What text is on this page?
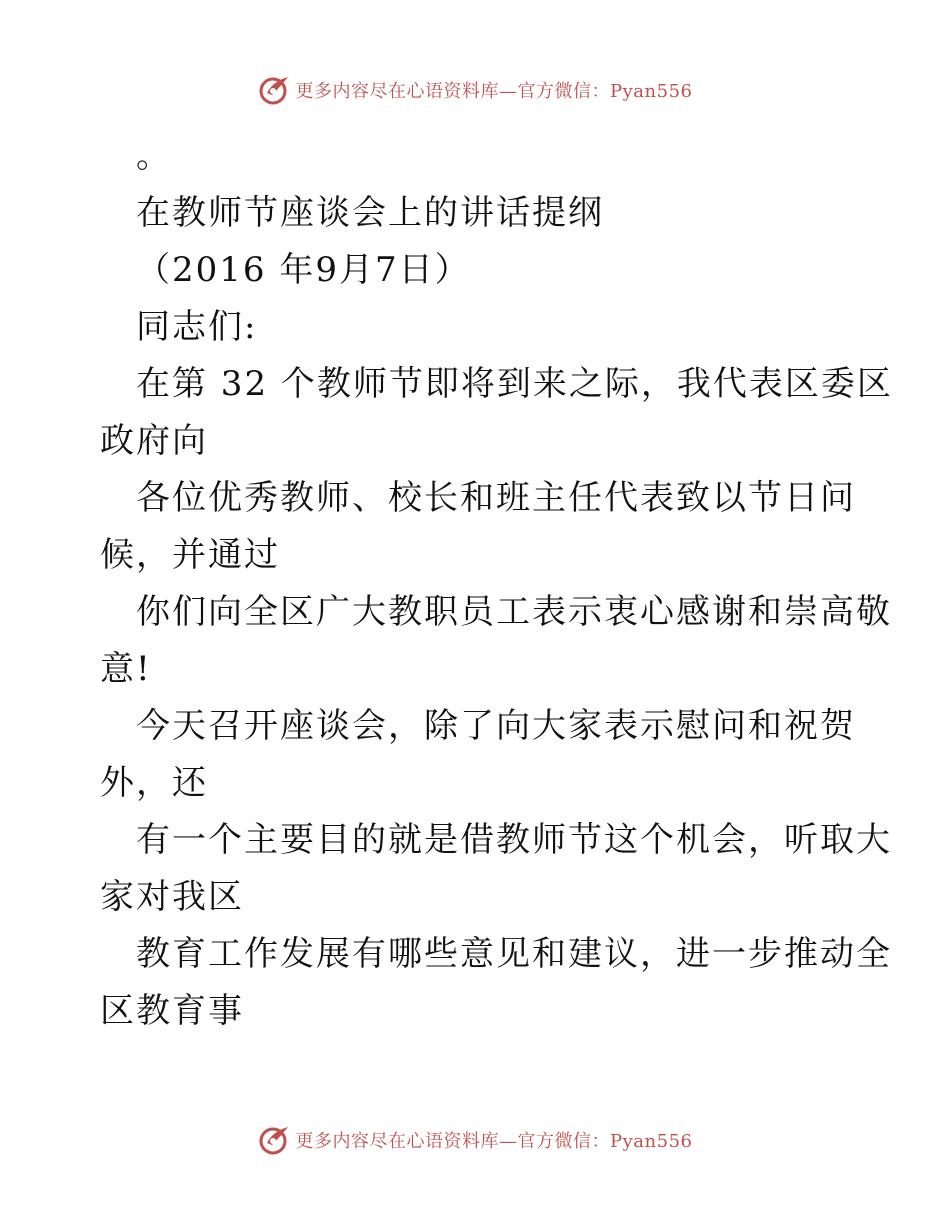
更多内容尽在心语资料库—官方微信：Pyan556
。
在教师节座谈会上的讲话提纲
（2016 年9月7日）
同志们:
在第 32 个教师节即将到来之际，我代表区委区
政府向
各位优秀教师、校长和班主任代表致以节日问
候，并通过
你们向全区广大教职员工表示衷心感谢和崇高敬
意!
今天召开座谈会，除了向大家表示慰问和祝贺
外，还
有一个主要目的就是借教师节这个机会，听取大
家对我区
教育工作发展有哪些意见和建议，进一步推动全
区教育事
更多内容尽在心语资料库—官方微信：Pyan556
